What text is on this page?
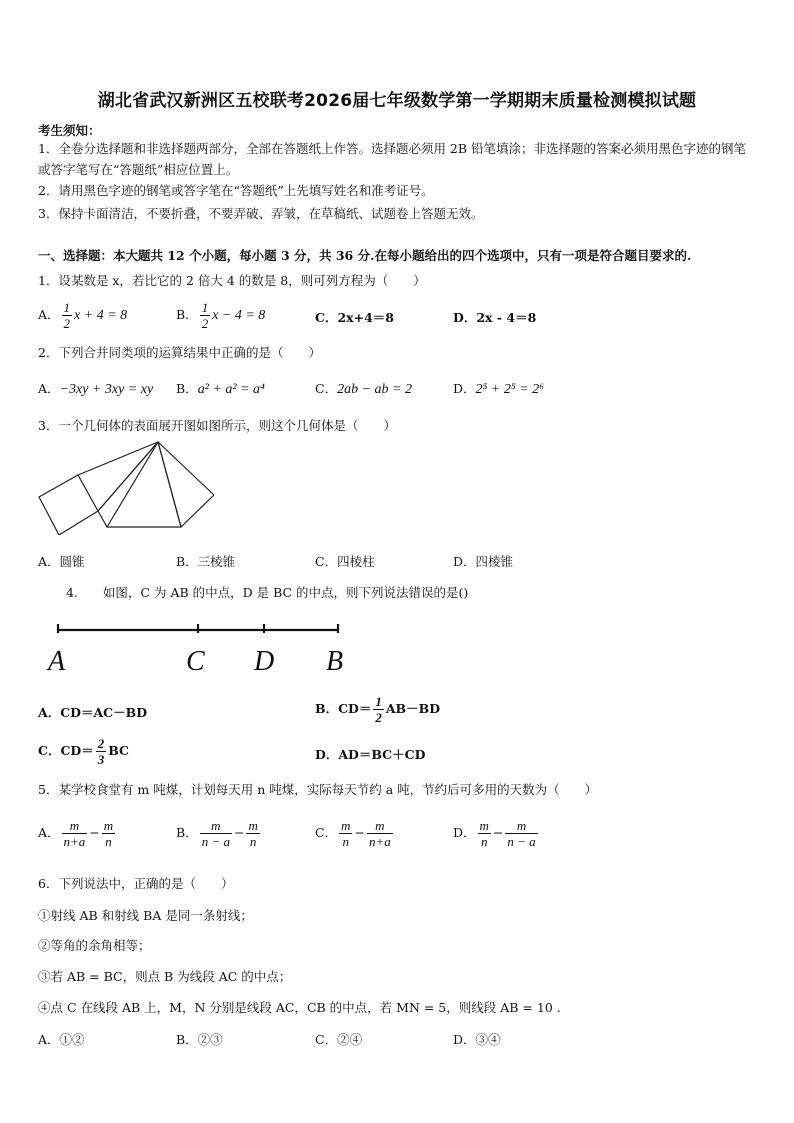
湖北省武汉新洲区五校联考2026届七年级数学第一学期期末质量检测模拟试题
考生须知：
1．全卷分选择题和非选择题两部分，全部在答题纸上作答。选择题必须用 2B 铅笔填涂；非选择题的答案必须用黑色字迹的钢笔或答字笔写在“答题纸”相应位置上。
2．请用黑色字迹的钢笔或答字笔在“答题纸”上先填写姓名和准考证号。
3．保持卡面清洁，不要折叠，不要弄破、弄皱，在草稿纸、试题卷上答题无效。
一、选择题：本大题共 12 个小题，每小题 3 分，共 36 分.在每小题给出的四个选项中，只有一项是符合题目要求的.
1．设某数是 x，若比它的 2 倍大 4 的数是 8，则可列方程为（　　）
A． $\frac{1}{2}$ x + 4 = 8	B． $\frac{1}{2}$ x − 4 = 8	C．2x+4＝8	D．2x - 4＝8
2．下列合并同类项的运算结果中正确的是（　　）
A．−3xy + 3xy = xy B．a² + a² = a⁴	C．2ab − ab = 2	D．2⁵ + 2⁵ = 2⁶
3．一个几何体的表面展开图如图所示，则这个几何体是（　　）
A．圆锥	B．三棱锥	C．四棱柱	D．四棱锥
4.　　如图，C 为 AB 的中点，D 是 BC 的中点，则下列说法错误的是()
A	C D B
A．CD＝AC－BD	B．$CD= \frac{1}{2} AB-BD$
C．$CD= \frac{2}{3}$ BC	D．AD＝BC＋CD
5．某学校食堂有 m 吨煤，计划每天用 n 吨煤，实际每天节约 a 吨，节约后可多用的天数为（　　）
A． $\frac{m}{n+a} - \frac{m}{n}$	B． $\frac{m}{n - a} - \frac{m}{n}$	C． $\frac{m}{n} - \frac{m}{n+a}$	D． $\frac{m}{n} - \frac{m}{n - a}$
6．下列说法中，正确的是（　　）
①射线 AB 和射线 BA 是同一条射线；
②等角的余角相等；
③若 AB = BC，则点 B 为线段 AC 的中点；
④点 C 在线段 AB 上，M，N 分别是线段 AC，CB 的中点，若 MN = 5，则线段 AB = 10 .
A．①②	B．②③	C．②④	D．③④
